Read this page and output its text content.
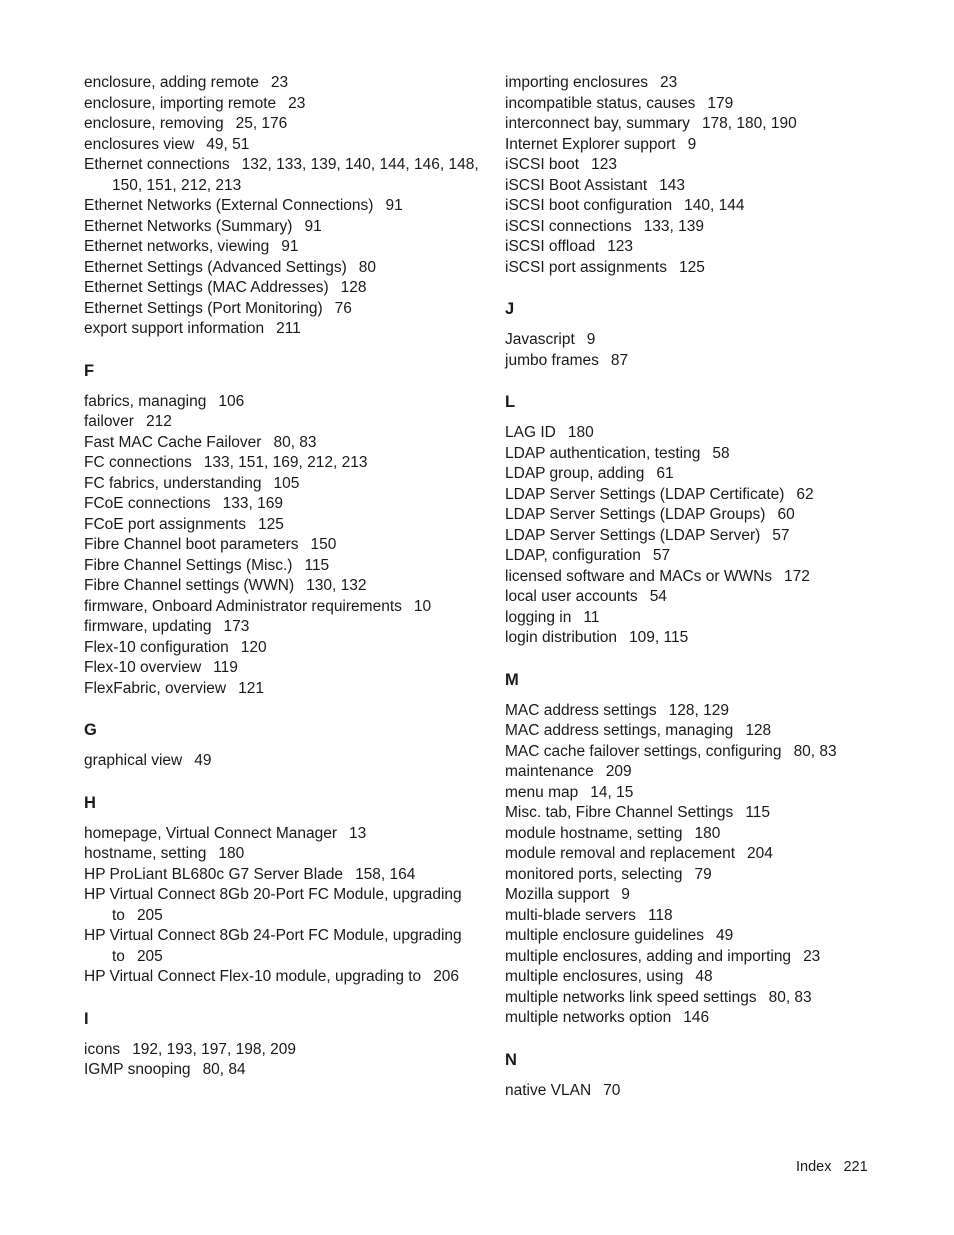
enclosure, adding remote 23
enclosure, importing remote 23
enclosure, removing 25, 176
enclosures view 49, 51
Ethernet connections 132, 133, 139, 140, 144, 146, 148, 150, 151, 212, 213
Ethernet Networks (External Connections) 91
Ethernet Networks (Summary) 91
Ethernet networks, viewing 91
Ethernet Settings (Advanced Settings) 80
Ethernet Settings (MAC Addresses) 128
Ethernet Settings (Port Monitoring) 76
export support information 211
F
fabrics, managing 106
failover 212
Fast MAC Cache Failover 80, 83
FC connections 133, 151, 169, 212, 213
FC fabrics, understanding 105
FCoE connections 133, 169
FCoE port assignments 125
Fibre Channel boot parameters 150
Fibre Channel Settings (Misc.) 115
Fibre Channel settings (WWN) 130, 132
firmware, Onboard Administrator requirements 10
firmware, updating 173
Flex-10 configuration 120
Flex-10 overview 119
FlexFabric, overview 121
G
graphical view 49
H
homepage, Virtual Connect Manager 13
hostname, setting 180
HP ProLiant BL680c G7 Server Blade 158, 164
HP Virtual Connect 8Gb 20-Port FC Module, upgrading to 205
HP Virtual Connect 8Gb 24-Port FC Module, upgrading to 205
HP Virtual Connect Flex-10 module, upgrading to 206
I
icons 192, 193, 197, 198, 209
IGMP snooping 80, 84
importing enclosures 23
incompatible status, causes 179
interconnect bay, summary 178, 180, 190
Internet Explorer support 9
iSCSI boot 123
iSCSI Boot Assistant 143
iSCSI boot configuration 140, 144
iSCSI connections 133, 139
iSCSI offload 123
iSCSI port assignments 125
J
Javascript 9
jumbo frames 87
L
LAG ID 180
LDAP authentication, testing 58
LDAP group, adding 61
LDAP Server Settings (LDAP Certificate) 62
LDAP Server Settings (LDAP Groups) 60
LDAP Server Settings (LDAP Server) 57
LDAP, configuration 57
licensed software and MACs or WWNs 172
local user accounts 54
logging in 11
login distribution 109, 115
M
MAC address settings 128, 129
MAC address settings, managing 128
MAC cache failover settings, configuring 80, 83
maintenance 209
menu map 14, 15
Misc. tab, Fibre Channel Settings 115
module hostname, setting 180
module removal and replacement 204
monitored ports, selecting 79
Mozilla support 9
multi-blade servers 118
multiple enclosure guidelines 49
multiple enclosures, adding and importing 23
multiple enclosures, using 48
multiple networks link speed settings 80, 83
multiple networks option 146
N
native VLAN 70
Index 221
